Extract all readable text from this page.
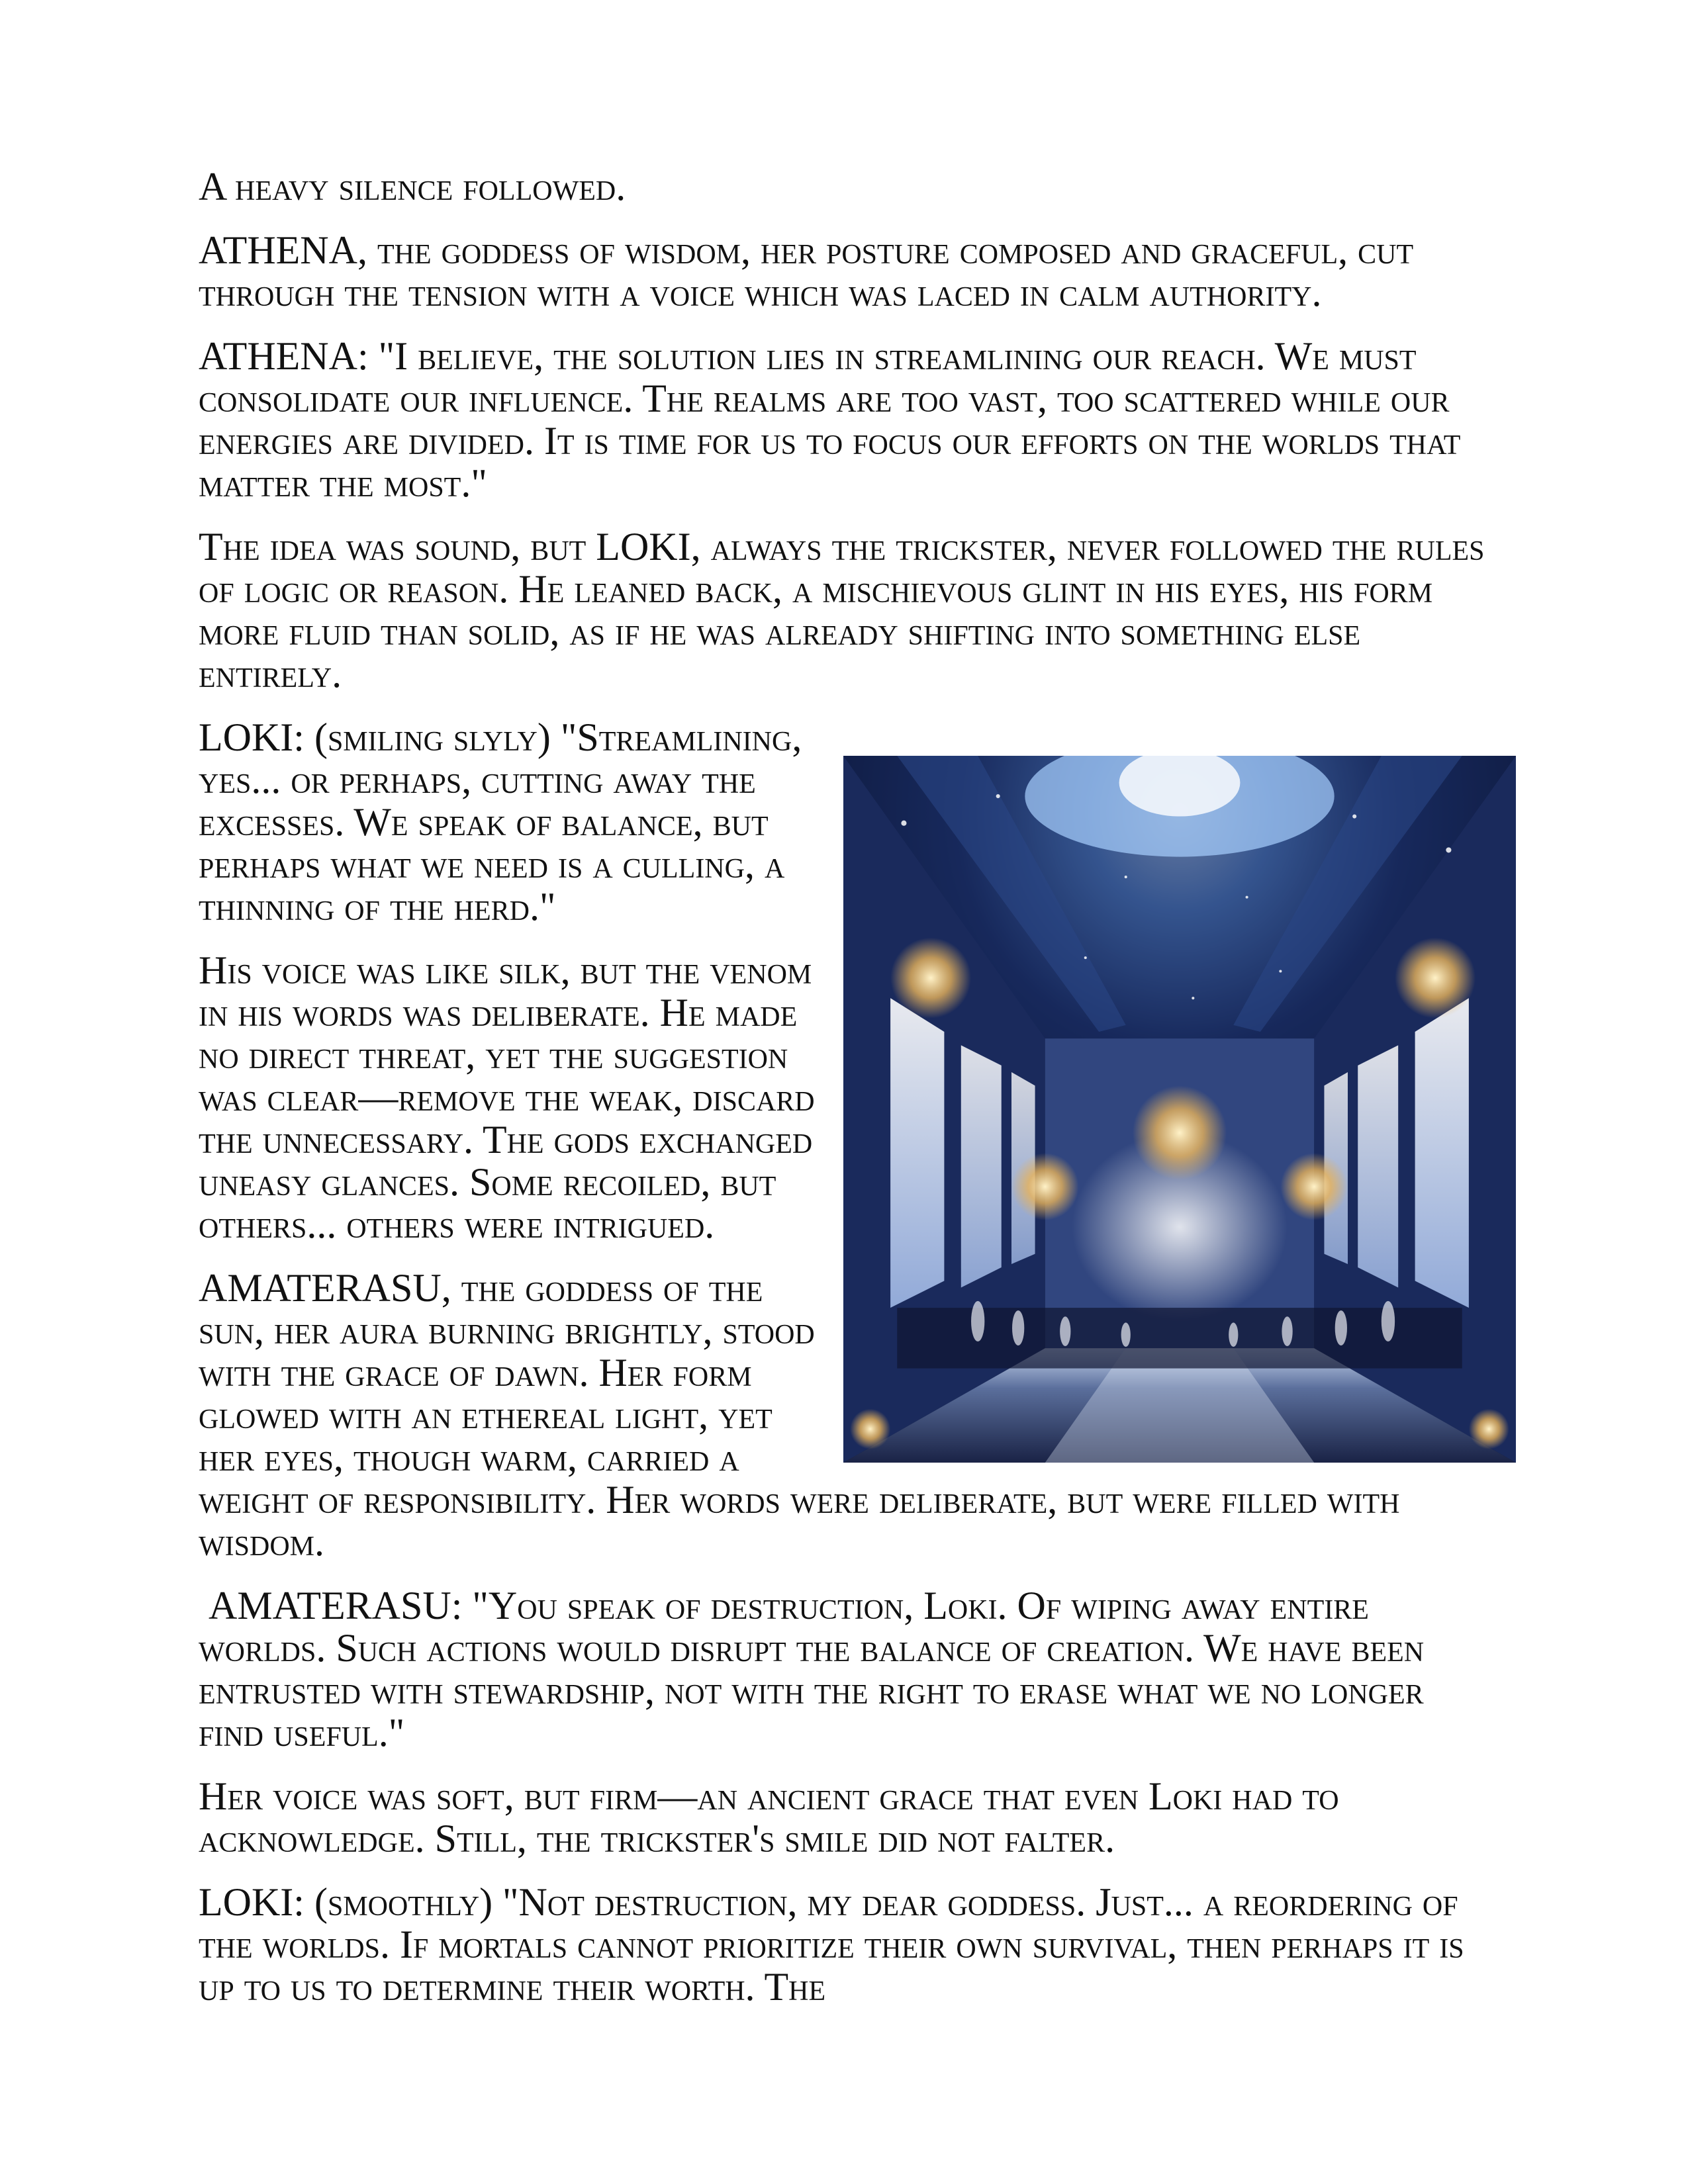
A heavy silence followed.

ATHENA, the goddess of wisdom, her posture composed and graceful, cut through the tension with a voice which was laced in calm authority.

ATHENA: "I believe, the solution lies in streamlining our reach. We must consolidate our influence. The realms are too vast, too scattered while our energies are divided. It is time for us to focus our efforts on the worlds that matter the most."

The idea was sound, but LOKI, always the trickster, never followed the rules of logic or reason. He leaned back, a mischievous glint in his eyes, his form more fluid than solid, as if he was already shifting into something else entirely.

LOKI: (smiling slyly) "Streamlining, yes... or perhaps, cutting away the excesses. We speak of balance, but perhaps what we need is a culling, a thinning of the herd."

His voice was like silk, but the venom in his words was deliberate. He made no direct threat, yet the suggestion was clear—remove the weak, discard the unnecessary. The gods exchanged uneasy glances. Some recoiled, but others... others were intrigued.

AMATERASU, the goddess of the sun, her aura burning brightly, stood with the grace of dawn. Her form glowed with an ethereal light, yet her eyes, though warm, carried a weight of responsibility. Her words were deliberate, but were filled with wisdom.

AMATERASU: "You speak of destruction, Loki. Of wiping away entire worlds. Such actions would disrupt the balance of creation. We have been entrusted with stewardship, not with the right to erase what we no longer find useful."

Her voice was soft, but firm—an ancient grace that even Loki had to acknowledge. Still, the trickster's smile did not falter.

LOKI: (smoothly) "Not destruction, my dear goddess. Just... a reordering of the worlds. If mortals cannot prioritize their own survival, then perhaps it is up to us to determine their worth. The
